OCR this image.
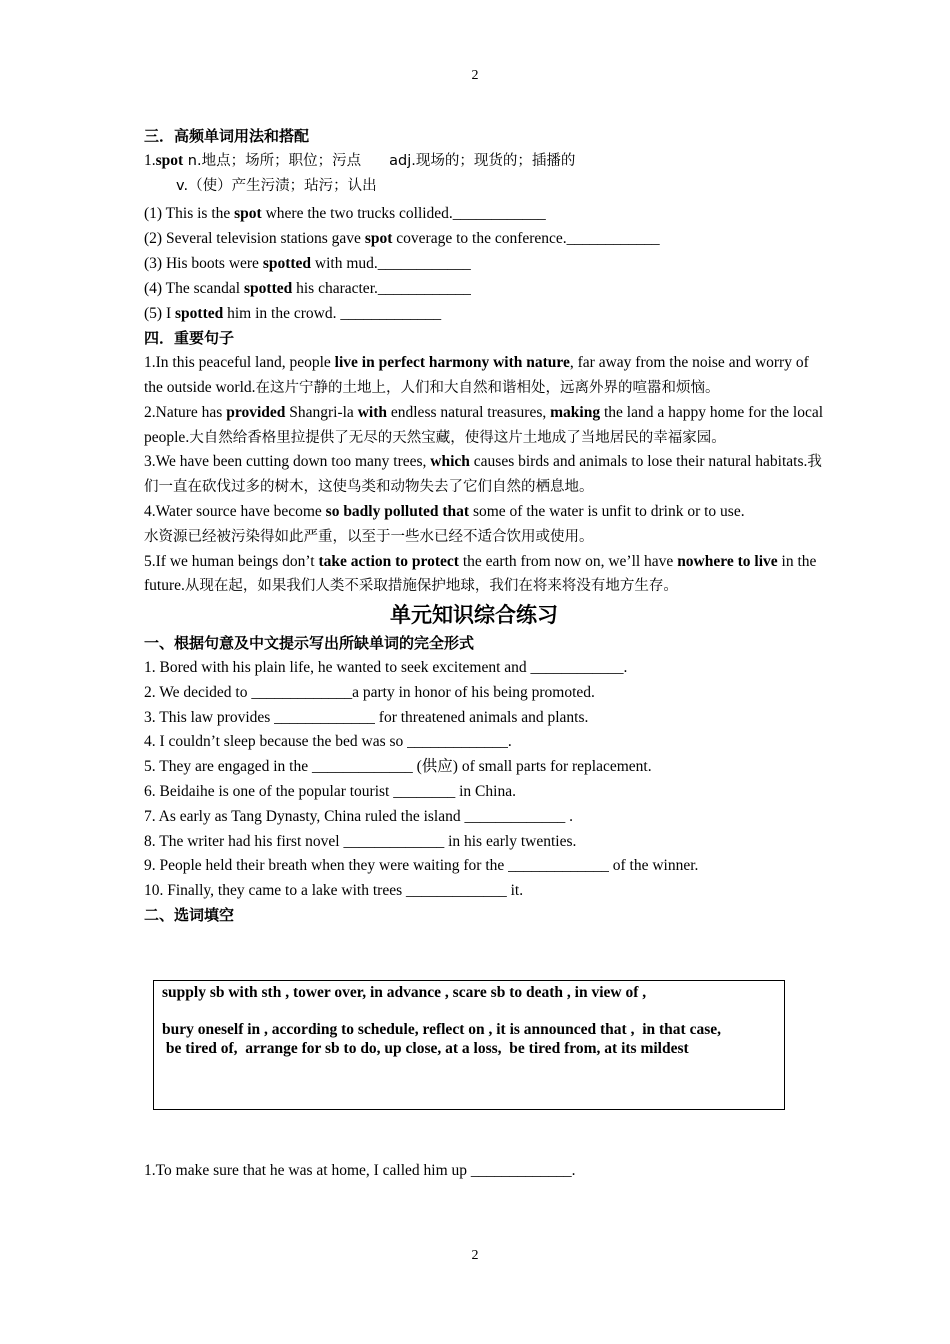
2
三．高频单词用法和搭配
1.spot n.地点；场所；职位；污点 adj.现场的；现货的；插播的
v.（使）产生污渍；玷污；认出
(1) This is the spot where the two trucks collided.____________
(2) Several television stations gave spot coverage to the conference.____________
(3) His boots were spotted with mud.____________
(4) The scandal spotted his character.____________
(5) I spotted him in the crowd. _____________
四．重要句子
1.In this peaceful land, people live in perfect harmony with nature, far away from the noise and worry of the outside world.在这片宁静的土地上，人们和大自然和谐相处，远离外界的喧嚣和烦恼。
2.Nature has provided Shangri-la with endless natural treasures, making the land a happy home for the local people.大自然给香格里拉提供了无尽的天然宝藏，使得这片土地成了当地居民的幸福家园。
3.We have been cutting down too many trees, which causes birds and animals to lose their natural habitats.我们一直在砍伐过多的树木，这使鸟类和动物失去了它们自然的栖息地。
4.Water source have become so badly polluted that some of the water is unfit to drink or to use.
水资源已经被污染得如此严重，以至于一些水已经不适合饮用或使用。
5.If we human beings don’t take action to protect the earth from now on, we’ll have nowhere to live in the future.从现在起，如果我们人类不采取措施保护地球，我们在将来将没有地方生存。
单元知识综合练习
一、根据句意及中文提示写出所缺单词的完全形式
1. Bored with his plain life, he wanted to seek excitement and ____________.
2. We decided to _____________a party in honor of his being promoted.
3. This law provides _____________ for threatened animals and plants.
4. I couldn’t sleep because the bed was so _____________.
5. They are engaged in the _____________ (供应) of small parts for replacement.
6. Beidaihe is one of the popular tourist ________ in China.
7. As early as Tang Dynasty, China ruled the island _____________ .
8. The writer had his first novel _____________ in his early twenties.
9. People held their breath when they were waiting for the _____________ of the winner.
10. Finally, they came to a lake with trees _____________ it.
二、选词填空
supply sb with sth , tower over, in advance , scare sb to death , in view of ,
bury oneself in , according to schedule, reflect on , it is announced that ,  in that case,
be tired of,  arrange for sb to do, up close, at a loss,  be tired from, at its mildest
1.To make sure that he was at home, I called him up _____________.
2
